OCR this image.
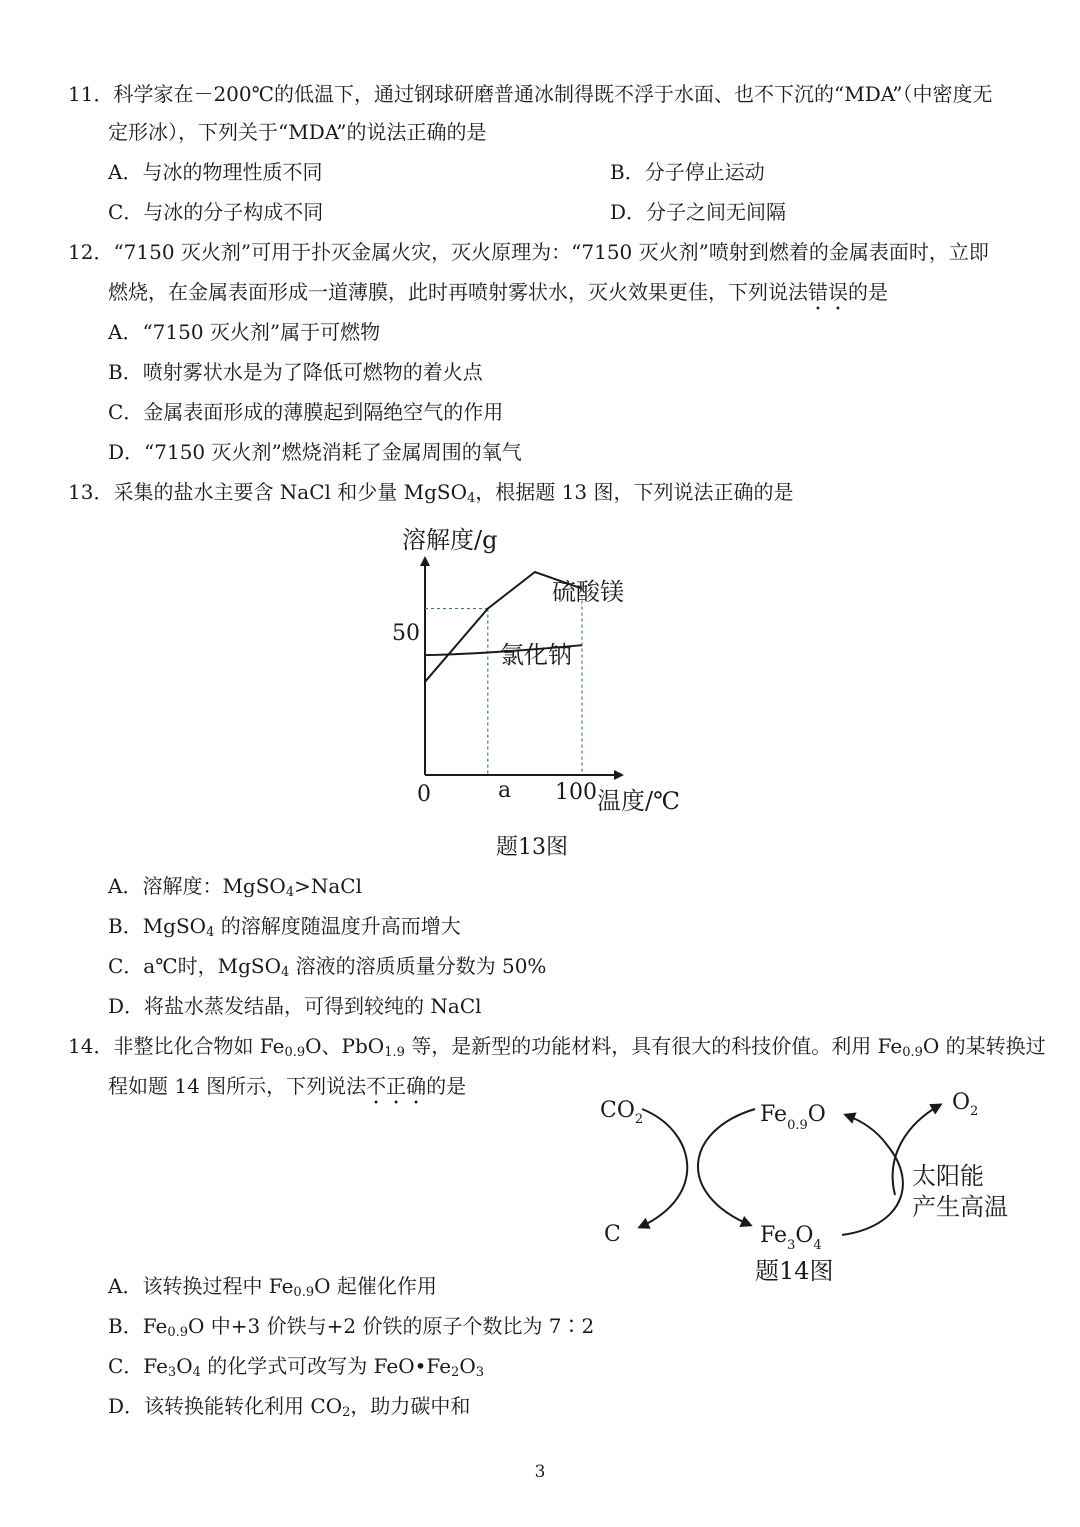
11．科学家在－200℃的低温下，通过钢球研磨普通冰制得既不浮于水面、也不下沉的“MDA”（中密度无
定形冰），下列关于“MDA”的说法正确的是
A．与冰的物理性质不同	B．分子停止运动
C．与冰的分子构成不同	D．分子之间无间隔
12．“7150 灭火剂”可用于扑灭金属火灾，灭火原理为：“7150 灭火剂”喷射到燃着的金属表面时，立即
燃烧，在金属表面形成一道薄膜，此时再喷射雾状水，灭火效果更佳，下列说法错误的是
A．“7150 灭火剂”属于可燃物
B．喷射雾状水是为了降低可燃物的着火点
C．金属表面形成的薄膜起到隔绝空气的作用
D．“7150 灭火剂”燃烧消耗了金属周围的氧气
13．采集的盐水主要含 NaCl 和少量 MgSO$_4$，根据题 13 图，下列说法正确的是
溶解度/g
硫酸镁
氯化钠
50
0	a 100 温度/℃
题13图
A．溶解度：MgSO$_4$>NaCl
B．MgSO$_4$ 的溶解度随温度升高而增大
C．a℃时，MgSO$_4$ 溶液的溶质质量分数为 50%
D．将盐水蒸发结晶，可得到较纯的 NaCl
14．非整比化合物如 $Fe_{0.9}O$、PbO$_{1.9}$ 等，是新型的功能材料，具有很大的科技价值。利用 $Fe_{0.9}O$ 的某转换过
程如题 14 图所示，下列说法不正确的是
$CO_2$
C
$Fe_{0.9}O$	$O_2$
$Fe_3O_4$
太阳能
产生高温
题14图
A．该转换过程中 $Fe_{0.9}O$ 起催化作用
B．$Fe_{0.9}O$ 中+3 价铁与+2 价铁的原子个数比为 7∶2
C．$Fe_3O_4$ 的化学式可改写为 $FeO•Fe_2O_3$
D．该转换能转化利用 $CO_2$，助力碳中和
3
